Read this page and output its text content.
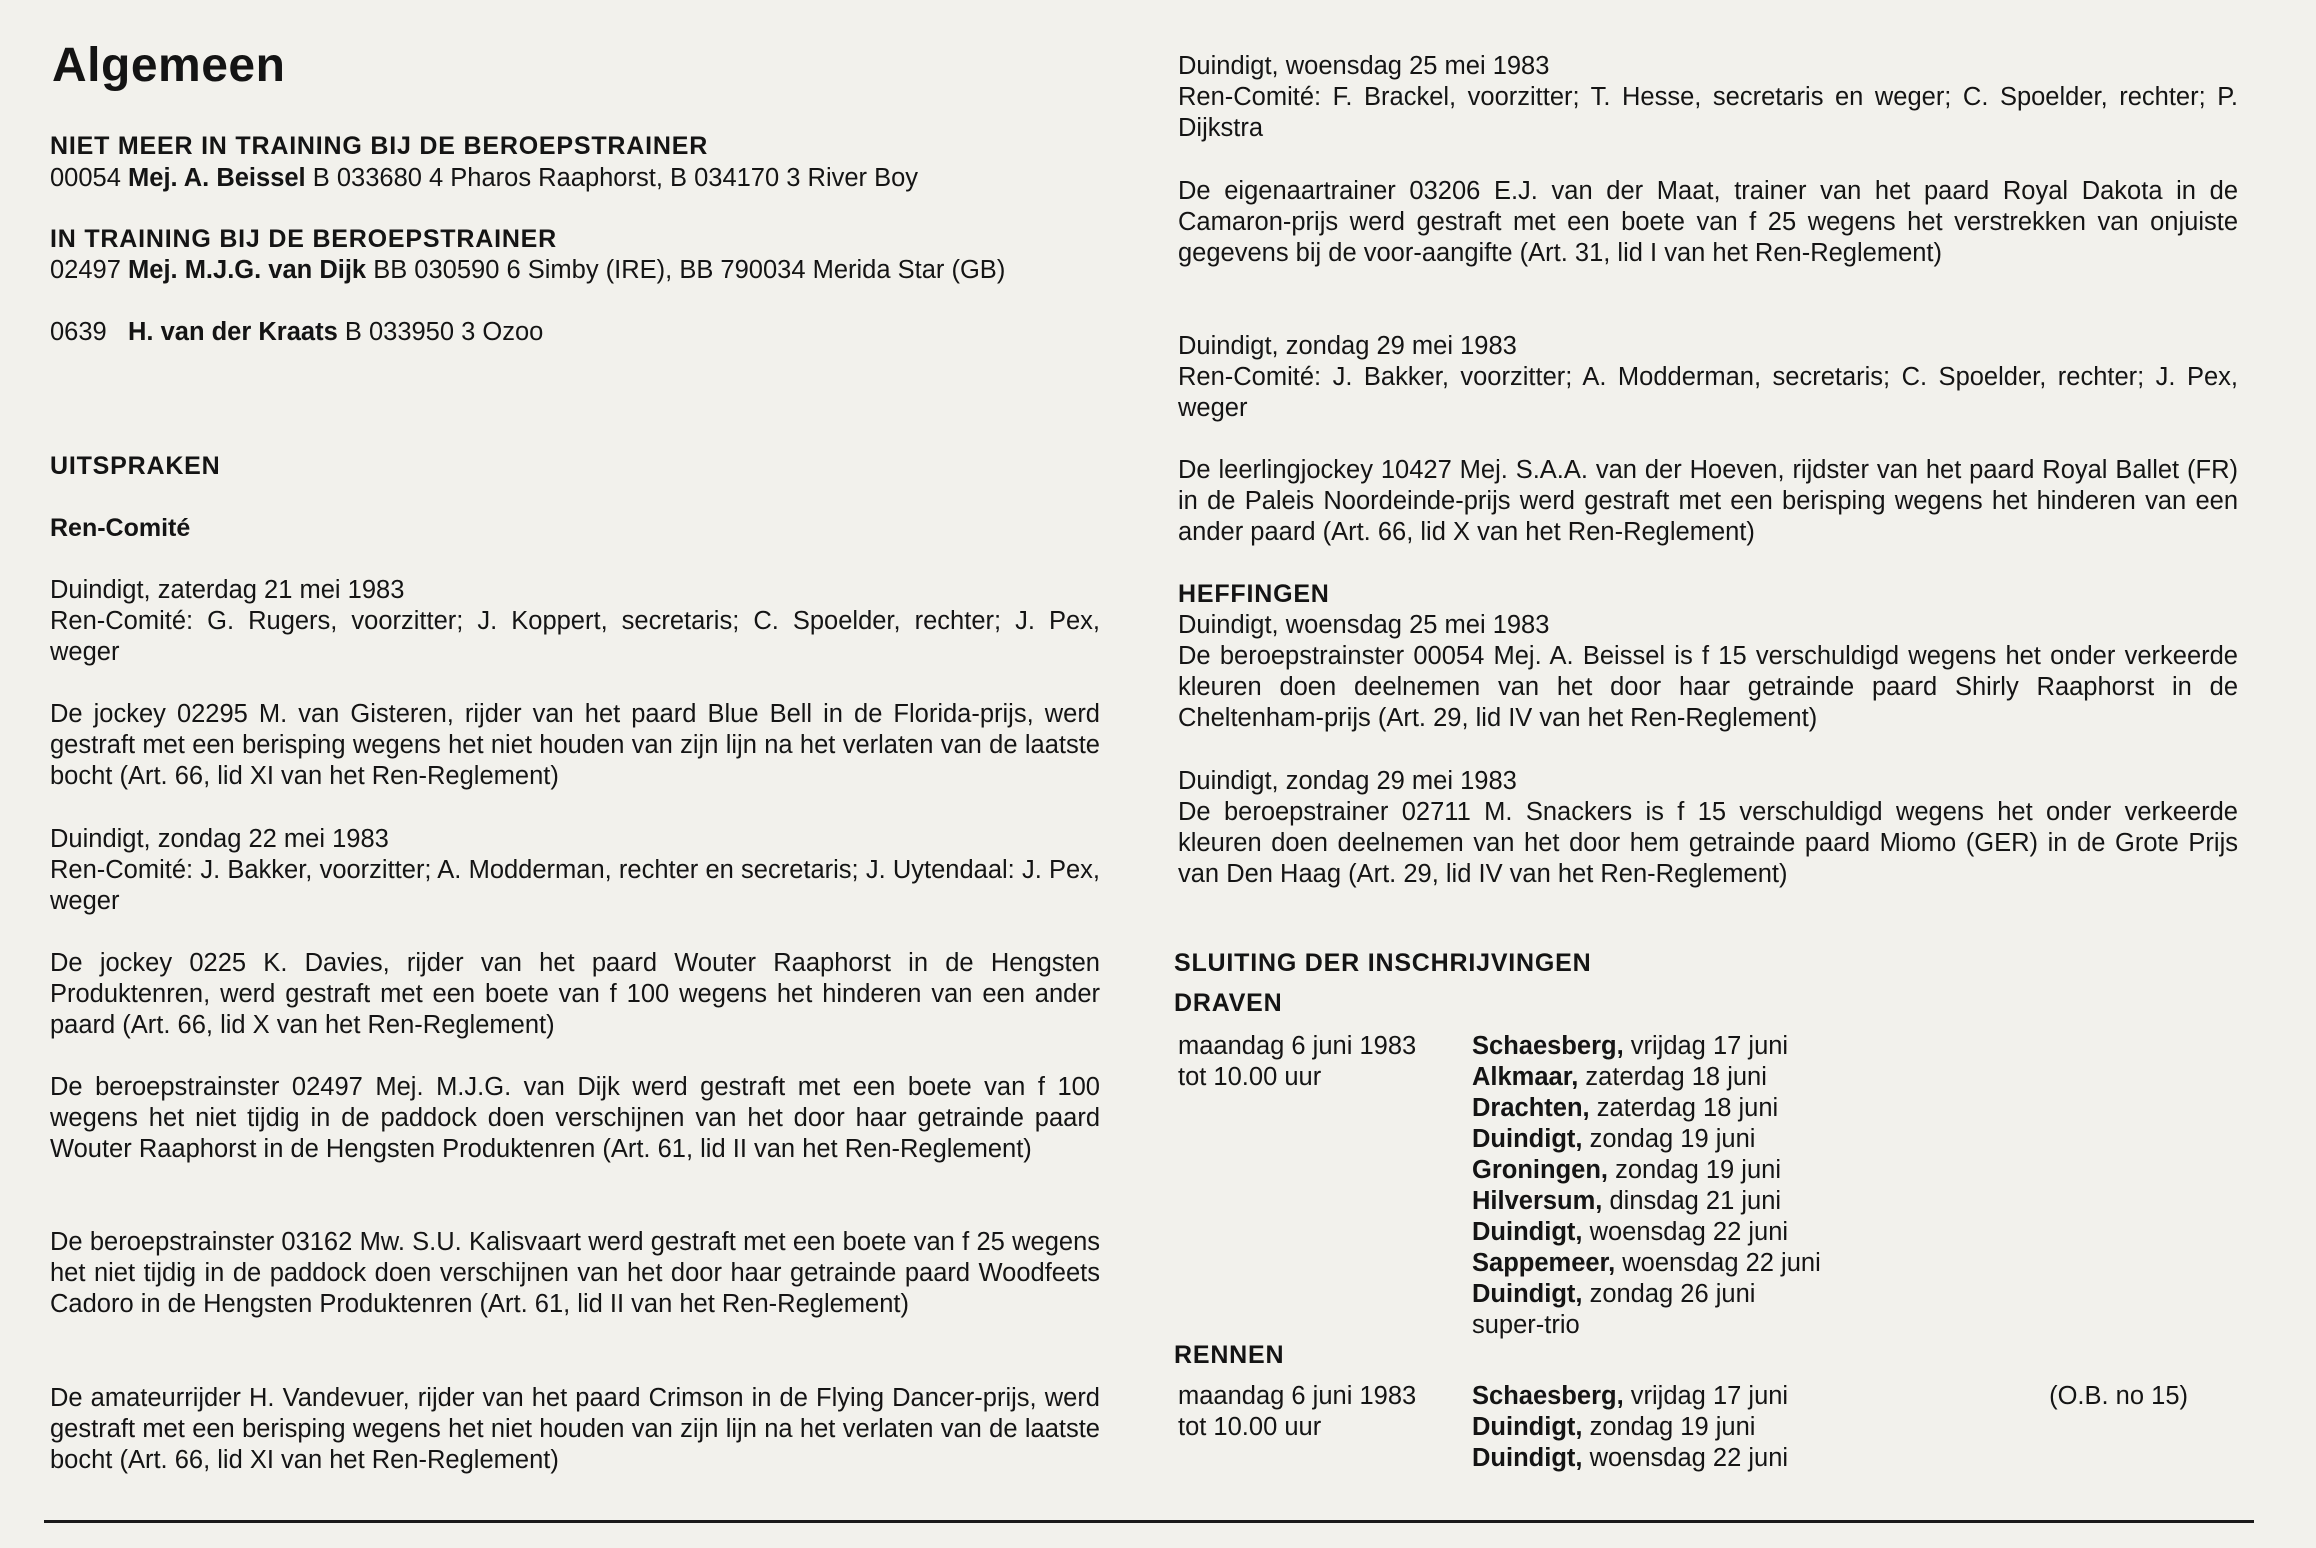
Algemeen
NIET MEER IN TRAINING BIJ DE BEROEPSTRAINER

00054 Mej. A. Beissel B 033680 4 Pharos Raaphorst, B 034170 3 River Boy

IN TRAINING BIJ DE BEROEPSTRAINER

02497 Mej. M.J.G. van Dijk BB 030590 6 Simby (IRE), BB 790034 Merida Star (GB)

0639 H. van der Kraats B 033950 3 Ozoo

UITSPRAKEN
Ren-Comité

Duindigt, zaterdag 21 mei 1983
Ren-Comité: G. Rugers, voorzitter; J. Koppert, secretaris; C. Spoelder, rechter; J. Pex, weger

De jockey 02295 M. van Gisteren, rijder van het paard Blue Bell in de Florida-prijs, werd gestraft met een berisping wegens het niet houden van zijn lijn na het verlaten van de laatste bocht (Art. 66, lid XI van het Ren-Reglement)

Duindigt, zondag 22 mei 1983
Ren-Comité: J. Bakker, voorzitter; A. Modderman, rechter en secretaris; J. Uytendaal: J. Pex, weger

De jockey 0225 K. Davies, rijder van het paard Wouter Raaphorst in de Hengsten Produktenren, werd gestraft met een boete van f 100 wegens het hinderen van een ander paard (Art. 66, lid X van het Ren-Reglement)

De beroepstrainster 02497 Mej. M.J.G. van Dijk werd gestraft met een boete van f 100 wegens het niet tijdig in de paddock doen verschijnen van het door haar getrainde paard Wouter Raaphorst in de Hengsten Produktenren (Art. 61, lid II van het Ren-Reglement)

De beroepstrainster 03162 Mw. S.U. Kalisvaart werd gestraft met een boete van f 25 wegens het niet tijdig in de paddock doen verschijnen van het door haar getrainde paard Woodfeets Cadoro in de Hengsten Produktenren (Art. 61, lid II van het Ren-Reglement)

De amateurrijder H. Vandevuer, rijder van het paard Crimson in de Flying Dancer-prijs, werd gestraft met een berisping wegens het niet houden van zijn lijn na het verlaten van de laatste bocht (Art. 66, lid XI van het Ren-Reglement)

Duindigt, woensdag 25 mei 1983
Ren-Comité: F. Brackel, voorzitter; T. Hesse, secretaris en weger; C. Spoelder, rechter; P. Dijkstra

De eigenaartrainer 03206 E.J. van der Maat, trainer van het paard Royal Dakota in de Camaron-prijs werd gestraft met een boete van f 25 wegens het verstrekken van onjuiste gegevens bij de voor-aangifte (Art. 31, lid I van het Ren-Reglement)

Duindigt, zondag 29 mei 1983
Ren-Comité: J. Bakker, voorzitter; A. Modderman, secretaris; C. Spoelder, rechter; J. Pex, weger

De leerlingjockey 10427 Mej. S.A.A. van der Hoeven, rijdster van het paard Royal Ballet (FR) in de Paleis Noordeinde-prijs werd gestraft met een berisping wegens het hinderen van een ander paard (Art. 66, lid X van het Ren-Reglement)

HEFFINGEN

Duindigt, woensdag 25 mei 1983
De beroepstrainster 00054 Mej. A. Beissel is f 15 verschuldigd wegens het onder verkeerde kleuren doen deelnemen van het door haar getrainde paard Shirly Raaphorst in de Cheltenham-prijs (Art. 29, lid IV van het Ren-Reglement)

Duindigt, zondag 29 mei 1983
De beroepstrainer 02711 M. Snackers is f 15 verschuldigd wegens het onder verkeerde kleuren doen deelnemen van het door hem getrainde paard Miomo (GER) in de Grote Prijs van Den Haag (Art. 29, lid IV van het Ren-Reglement)

SLUITING DER INSCHRIJVINGEN
DRAVEN
maandag 6 juni 1983
tot 10.00 uur
Schaesberg, vrijdag 17 juni
Alkmaar, zaterdag 18 juni
Drachten, zaterdag 18 juni
Duindigt, zondag 19 juni
Groningen, zondag 19 juni
Hilversum, dinsdag 21 juni
Duindigt, woensdag 22 juni
Sappemeer, woensdag 22 juni
Duindigt, zondag 26 juni
super-trio
RENNEN
maandag 6 juni 1983
tot 10.00 uur
Schaesberg, vrijdag 17 juni
Duindigt, zondag 19 juni
Duindigt, woensdag 22 juni
(O.B. no 15)
